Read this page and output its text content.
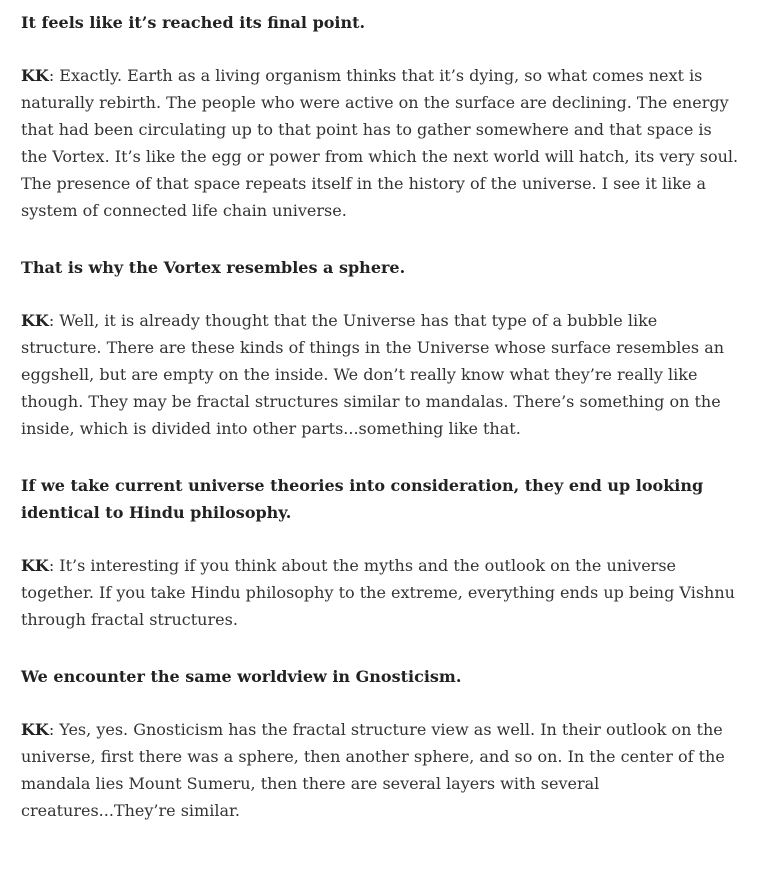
It feels like it’s reached its final point.

KK: Exactly. Earth as a living organism thinks that it’s dying, so what comes next is naturally rebirth. The people who were active on the surface are declining. The energy that had been circulating up to that point has to gather somewhere and that space is the Vortex. It’s like the egg or power from which the next world will hatch, its very soul. The presence of that space repeats itself in the history of the universe. I see it like a system of connected life chain universe.

That is why the Vortex resembles a sphere.

KK: Well, it is already thought that the Universe has that type of a bubble like structure. There are these kinds of things in the Universe whose surface resembles an eggshell, but are empty on the inside. We don’t really know what they’re really like though. They may be fractal structures similar to mandalas. There’s something on the inside, which is divided into other parts...something like that.

If we take current universe theories into consideration, they end up looking identical to Hindu philosophy.

KK: It’s interesting if you think about the myths and the outlook on the universe together. If you take Hindu philosophy to the extreme, everything ends up being Vishnu through fractal structures.

We encounter the same worldview in Gnosticism.

KK: Yes, yes. Gnosticism has the fractal structure view as well. In their outlook on the universe, first there was a sphere, then another sphere, and so on. In the center of the mandala lies Mount Sumeru, then there are several layers with several creatures...They’re similar.
